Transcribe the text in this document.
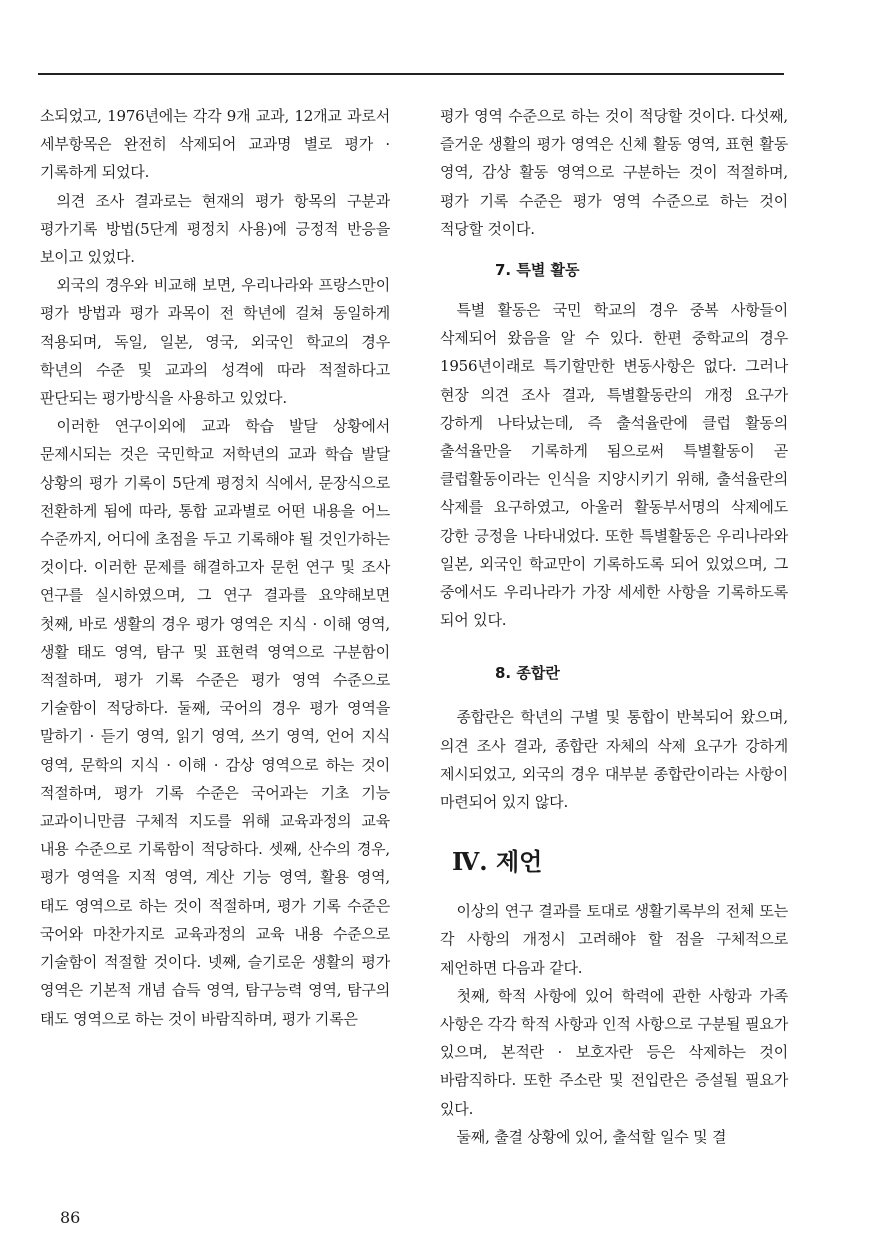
소되었고, 1976년에는 각각 9개 교과, 12개교 과로서 세부항목은 완전히 삭제되어 교과명 별로 평가 · 기록하게 되었다.

의견 조사 결과로는 현재의 평가 항목의 구분과 평가기록 방법(5단계 평정치 사용)에 긍정적 반응을 보이고 있었다.

외국의 경우와 비교해 보면, 우리나라와 프랑스만이 평가 방법과 평가 과목이 전 학년에 걸쳐 동일하게 적용되며, 독일, 일본, 영국, 외국인 학교의 경우 학년의 수준 및 교과의 성격에 따라 적절하다고 판단되는 평가방식을 사용하고 있었다.

이러한 연구이외에 교과 학습 발달 상황에서 문제시되는 것은 국민학교 저학년의 교과 학습 발달 상황의 평가 기록이 5단계 평정치 식에서, 문장식으로 전환하게 됨에 따라, 통합 교과별로 어떤 내용을 어느 수준까지, 어디에 초점을 두고 기록해야 될 것인가하는 것이다. 이러한 문제를 해결하고자 문헌 연구 및 조사 연구를 실시하였으며, 그 연구 결과를 요약해보면 첫째, 바로 생활의 경우 평가 영역은 지식 · 이해 영역, 생활 태도 영역, 탐구 및 표현력 영역으로 구분함이 적절하며, 평가 기록 수준은 평가 영역 수준으로 기술함이 적당하다. 둘째, 국어의 경우 평가 영역을 말하기 · 듣기 영역, 읽기 영역, 쓰기 영역, 언어 지식 영역, 문학의 지식 · 이해 · 감상 영역으로 하는 것이 적절하며, 평가 기록 수준은 국어과는 기초 기능 교과이니만큼 구체적 지도를 위해 교육과정의 교육 내용 수준으로 기록함이 적당하다. 셋째, 산수의 경우, 평가 영역을 지적 영역, 계산 기능 영역, 활용 영역, 태도 영역으로 하는 것이 적절하며, 평가 기록 수준은 국어와 마찬가지로 교육과정의 교육 내용 수준으로 기술함이 적절할 것이다. 넷째, 슬기로운 생활의 평가 영역은 기본적 개념 습득 영역, 탐구능력 영역, 탐구의 태도 영역으로 하는 것이 바람직하며, 평가 기록은

평가 영역 수준으로 하는 것이 적당할 것이다. 다섯째, 즐거운 생활의 평가 영역은 신체 활동 영역, 표현 활동 영역, 감상 활동 영역으로 구분하는 것이 적절하며, 평가 기록 수준은 평가 영역 수준으로 하는 것이 적당할 것이다.

7. 특별 활동

특별 활동은 국민 학교의 경우 중복 사항들이 삭제되어 왔음을 알 수 있다. 한편 중학교의 경우 1956년이래로 특기할만한 변동사항은 없다. 그러나 현장 의견 조사 결과, 특별활동란의 개정 요구가 강하게 나타났는데, 즉 출석율란에 클럽 활동의 출석율만을 기록하게 됨으로써 특별활동이 곧 클럽활동이라는 인식을 지양시키기 위해, 출석율란의 삭제를 요구하였고, 아울러 활동부서명의 삭제에도 강한 긍정을 나타내었다. 또한 특별활동은 우리나라와 일본, 외국인 학교만이 기록하도록 되어 있었으며, 그 중에서도 우리나라가 가장 세세한 사항을 기록하도록 되어 있다.

8. 종합란

종합란은 학년의 구별 및 통합이 반복되어 왔으며, 의견 조사 결과, 종합란 자체의 삭제 요구가 강하게 제시되었고, 외국의 경우 대부분 종합란이라는 사항이 마련되어 있지 않다.

Ⅳ. 제언

이상의 연구 결과를 토대로 생활기록부의 전체 또는 각 사항의 개정시 고려해야 할 점을 구체적으로 제언하면 다음과 같다.

첫째, 학적 사항에 있어 학력에 관한 사항과 가족 사항은 각각 학적 사항과 인적 사항으로 구분될 필요가 있으며, 본적란 · 보호자란 등은 삭제하는 것이 바람직하다. 또한 주소란 및 전입란은 증설될 필요가 있다.

둘째, 출결 상황에 있어, 출석할 일수 및 결

86
